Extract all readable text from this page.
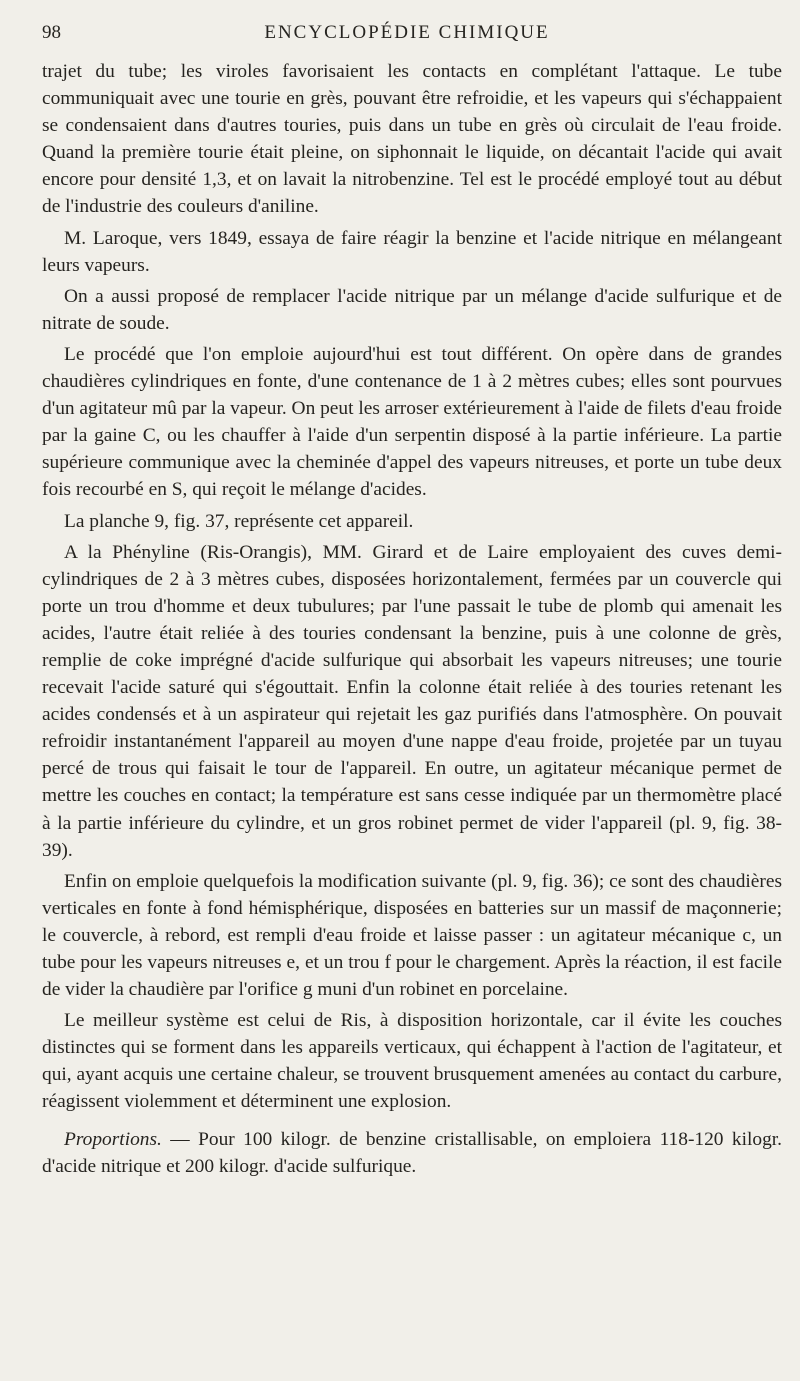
98	ENCYCLOPÉDIE CHIMIQUE

trajet du tube; les viroles favorisaient les contacts en complétant l'attaque. Le tube communiquait avec une tourie en grès, pouvant être refroidie, et les vapeurs qui s'échappaient se condensaient dans d'autres touries, puis dans un tube en grès où circulait de l'eau froide. Quand la première tourie était pleine, on siphonnait le liquide, on décantait l'acide qui avait encore pour densité 1,3, et on lavait la nitrobenzine. Tel est le procédé employé tout au début de l'industrie des couleurs d'aniline.

M. Laroque, vers 1849, essaya de faire réagir la benzine et l'acide nitrique en mélangeant leurs vapeurs.

On a aussi proposé de remplacer l'acide nitrique par un mélange d'acide sulfurique et de nitrate de soude.

Le procédé que l'on emploie aujourd'hui est tout différent. On opère dans de grandes chaudières cylindriques en fonte, d'une contenance de 1 à 2 mètres cubes; elles sont pourvues d'un agitateur mû par la vapeur. On peut les arroser extérieurement à l'aide de filets d'eau froide par la gaine C, ou les chauffer à l'aide d'un serpentin disposé à la partie inférieure. La partie supérieure communique avec la cheminée d'appel des vapeurs nitreuses, et porte un tube deux fois recourbé en S, qui reçoit le mélange d'acides.

La planche 9, fig. 37, représente cet appareil.

A la Phényline (Ris-Orangis), MM. Girard et de Laire employaient des cuves demi-cylindriques de 2 à 3 mètres cubes, disposées horizontalement, fermées par un couvercle qui porte un trou d'homme et deux tubulures; par l'une passait le tube de plomb qui amenait les acides, l'autre était reliée à des touries condensant la benzine, puis à une colonne de grès, remplie de coke imprégné d'acide sulfurique qui absorbait les vapeurs nitreuses; une tourie recevait l'acide saturé qui s'égouttait. Enfin la colonne était reliée à des touries retenant les acides condensés et à un aspirateur qui rejetait les gaz purifiés dans l'atmosphère. On pouvait refroidir instantanément l'appareil au moyen d'une nappe d'eau froide, projetée par un tuyau percé de trous qui faisait le tour de l'appareil. En outre, un agitateur mécanique permet de mettre les couches en contact; la température est sans cesse indiquée par un thermomètre placé à la partie inférieure du cylindre, et un gros robinet permet de vider l'appareil (pl. 9, fig. 38-39).

Enfin on emploie quelquefois la modification suivante (pl. 9, fig. 36); ce sont des chaudières verticales en fonte à fond hémisphérique, disposées en batteries sur un massif de maçonnerie; le couvercle, à rebord, est rempli d'eau froide et laisse passer : un agitateur mécanique c, un tube pour les vapeurs nitreuses e, et un trou f pour le chargement. Après la réaction, il est facile de vider la chaudière par l'orifice g muni d'un robinet en porcelaine.

Le meilleur système est celui de Ris, à disposition horizontale, car il évite les couches distinctes qui se forment dans les appareils verticaux, qui échappent à l'action de l'agitateur, et qui, ayant acquis une certaine chaleur, se trouvent brusquement amenées au contact du carbure, réagissent violemment et déterminent une explosion.

Proportions. — Pour 100 kilogr. de benzine cristallisable, on emploiera 118-120 kilogr. d'acide nitrique et 200 kilogr. d'acide sulfurique.
